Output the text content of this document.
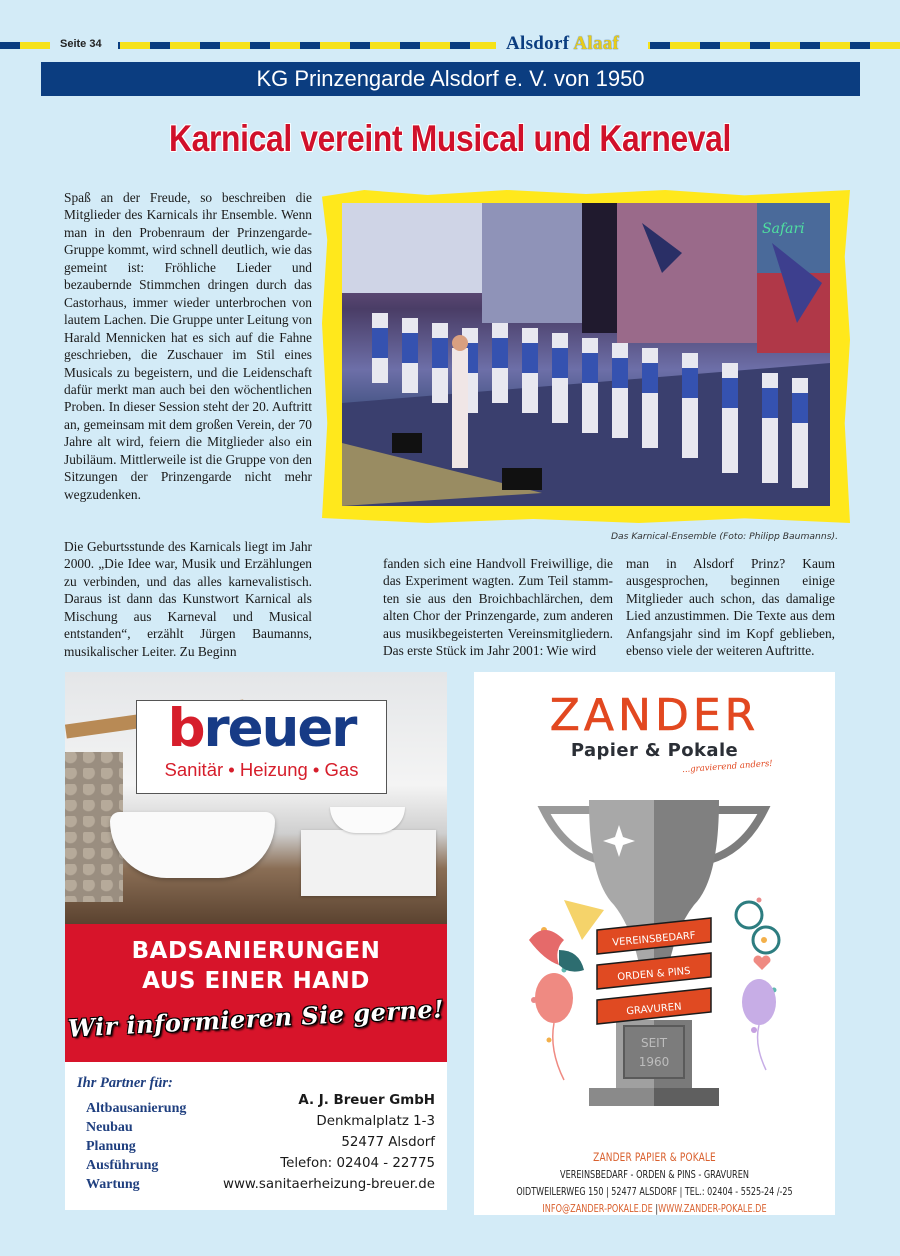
Seite 34	Alsdorf Alaaf
KG Prinzengarde Alsdorf e. V. von 1950
Karnical vereint Musical und Karneval

Spaß an der Freude, so beschreiben die Mitglieder des Karnicals ihr Ensemble. Wenn man in den Probenraum der Prinzengarde-Gruppe kommt, wird schnell deutlich, wie das gemeint ist: Fröhliche Lieder und bezaubernde Stimmchen dringen durch das Castorhaus, immer wieder unterbrochen von lautem Lachen. Die Gruppe unter Leitung von Harald Mennicken hat es sich auf die Fahne geschrieben, die Zuschauer im Stil eines Musicals zu begeistern, und die Leidenschaft dafür merkt man auch bei den wöchentlichen Proben. In dieser Session steht der 20. Auftritt an, gemeinsam mit dem großen Verein, der 70 Jahre alt wird, feiern die Mitglieder also ein Jubiläum. Mittlerweile ist die Gruppe von den Sitzungen der Prinzengarde nicht mehr wegzudenken.

Die Geburtsstunde des Karnicals liegt im Jahr 2000. „Die Idee war, Musik und Erzählungen zu verbinden, und das alles karnevalistisch. Daraus ist dann das Kunstwort Karnical als Mischung aus Karneval und Musical entstanden“, erzählt Jürgen Baumanns, musikalischer Leiter. Zu Beginn

fanden sich eine Handvoll Freiwillige, die das Experiment wagten. Zum Teil stammten sie aus den Broichbachlärchen, dem alten Chor der Prinzengarde, zum anderen aus musikbegeisterten Vereinsmitgliedern. Das erste Stück im Jahr 2001: Wie wird

man in Alsdorf Prinz? Kaum ausgesprochen, beginnen einige Mitglieder auch schon, das damalige Lied anzustimmen. Die Texte aus dem Anfangsjahr sind im Kopf geblieben, ebenso viele der weiteren Auftritte.

Safari
Das Karnical-Ensemble (Foto: Philipp Baumanns).
breuer
Sanitär • Heizung • Gas
BADSANIERUNGEN
AUS EINER HAND
Wir informieren Sie gerne!
Ihr Partner für:
Altbausanierung
Neubau
Planung
Ausführung
Wartung
A. J. Breuer GmbH
Denkmalplatz 1-3
52477 Alsdorf
Telefon: 02404 - 22775
www.sanitaerheizung-breuer.de
ZANDER
Papier & Pokale
...gravierend anders!
SEIT
1960
VEREINSBEDARF
ORDEN & PINS
GRAVUREN
ZANDER PAPIER & POKALE
VEREINSBEDARF - ORDEN & PINS - GRAVUREN
OIDTWEILERWEG 150 | 52477 ALSDORF | TEL.: 02404 - 5525-24 /-25
INFO@ZANDER-POKALE.DE |WWW.ZANDER-POKALE.DE
